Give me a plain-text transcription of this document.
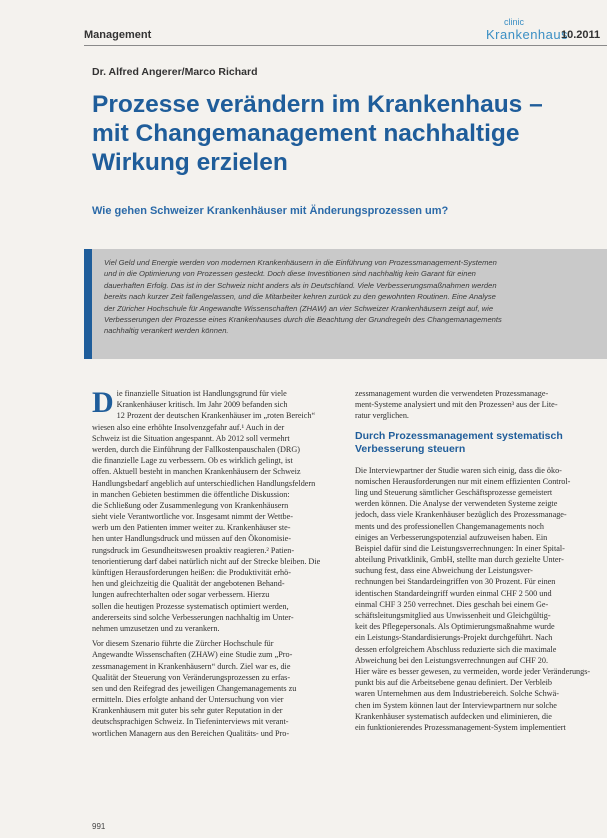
Management
clinic
Krankenhaus
10.2011
Dr. Alfred Angerer/Marco Richard
Prozesse verändern im Krankenhaus –
mit Changemanagement nachhaltige
Wirkung erzielen
Wie gehen Schweizer Krankenhäuser mit Änderungsprozessen um?
Viel Geld und Energie werden von modernen Krankenhäusern in die Einführung von Prozessmanagement-Systemen
und in die Optimierung von Prozessen gesteckt. Doch diese Investitionen sind nachhaltig kein Garant für einen
dauerhaften Erfolg. Das ist in der Schweiz nicht anders als in Deutschland. Viele Verbesserungsmaßnahmen werden
bereits nach kurzer Zeit fallengelassen, und die Mitarbeiter kehren zurück zu den gewohnten Routinen. Eine Analyse
der Züricher Hochschule für Angewandte Wissenschaften (ZHAW) an vier Schweizer Krankenhäusern zeigt auf, wie
Verbesserungen der Prozesse eines Krankenhauses durch die Beachtung der Grundregeln des Changemanagements
nachhaltig verankert werden können.
D ie finanzielle Situation ist Handlungsgrund für viele
Krankenhäuser kritisch. Im Jahr 2009 befanden sich
12 Prozent der deutschen Krankenhäuser im „roten Bereich“
wiesen also eine erhöhte Insolvenzgefahr auf.¹ Auch in der
Schweiz ist die Situation angespannt. Ab 2012 soll vermehrt
werden, durch die Einführung der Fallkostenpauschalen (DRG)
die finanzielle Lage zu verbessern. Ob es wirklich gelingt, ist
offen. Aktuell besteht in manchen Krankenhäusern der Schweiz
Handlungsbedarf angeblich auf unterschiedlichen Handlungsfeldern
in manchen Gebieten bestimmen die öffentliche Diskussion:
die Schließung oder Zusammenlegung von Krankenhäusern
sieht viele Verantwortliche vor. Insgesamt nimmt der Wettbe-
werb um den Patienten immer weiter zu. Krankenhäuser ste-
hen unter Handlungsdruck und müssen auf den Ökonomisie-
rungsdruck im Gesundheitswesen proaktiv reagieren.² Patien-
tenorientierung darf dabei natürlich nicht auf der Strecke bleiben. Die
künftigen Herausforderungen heißen: die Produktivität erhö-
hen und gleichzeitig die Qualität der angebotenen Behand-
lungen aufrechterhalten oder sogar verbessern. Hierzu
sollen die heutigen Prozesse systematisch optimiert werden,
andererseits sind solche Verbesserungen nachhaltig im Unter-
nehmen umzusetzen und zu verankern.
Vor diesem Szenario führte die Zürcher Hochschule für
Angewandte Wissenschaften (ZHAW) eine Studie zum „Pro-
zessmanagement in Krankenhäusern“ durch. Ziel war es, die
Qualität der Steuerung von Veränderungsprozessen zu erfas-
sen und den Reifegrad des jeweiligen Changemanagements zu
ermitteln. Dies erfolgte anhand der Untersuchung von vier
Krankenhäusern mit guter bis sehr guter Reputation in der
deutschsprachigen Schweiz. In Tiefeninterviews mit verant-
wortlichen Managern aus den Bereichen Qualitäts- und Pro-
zessmanagement wurden die verwendeten Prozessmanage-
ment-Systeme analysiert und mit den Prozessen³ aus der Lite-
ratur verglichen.
Durch Prozessmanagement systematisch
Verbesserung steuern
Die Interviewpartner der Studie waren sich einig, dass die öko-
nomischen Herausforderungen nur mit einem effizienten Control-
ling und Steuerung sämtlicher Geschäftsprozesse gemeistert
werden können. Die Analyse der verwendeten Systeme zeigte
jedoch, dass viele Krankenhäuser bezüglich des Prozessmanage-
ments und des professionellen Changemanagements noch
einiges an Verbesserungspotenzial aufzuweisen haben. Ein
Beispiel dafür sind die Leistungsverrechnungen: In einer Spital-
abteilung Privatklinik, GmbH, stellte man durch gezielte Unter-
suchung fest, dass eine Abweichung der Leistungsver-
rechnungen bei Standardeingriffen von 30 Prozent. Für einen
identischen Standardeingriff wurden einmal CHF 2 500 und
einmal CHF 3 250 verrechnet. Dies geschah bei einem Ge-
schäftsleitungsmitglied aus Unwissenheit und Gleichgültig-
keit des Pflegepersonals. Als Optimierungsmaßnahme wurde
ein Leistungs-Standardisierungs-Projekt durchgeführt. Nach
dessen erfolgreichem Abschluss reduzierte sich die maximale
Abweichung bei den Leistungsverrechnungen auf CHF 20.
Hier wäre es besser gewesen, zu vermeiden, worde jeder Veränderungs-
punkt bis auf die Arbeitsebene genau definiert. Der Verbleib
waren Unternehmen aus dem Industriebereich. Solche Schwä-
chen im System können laut der Interviewpartnern nur solche
Krankenhäuser systematisch aufdecken und eliminieren, die
ein funktionierendes Prozessmanagement-System implementiert
991
